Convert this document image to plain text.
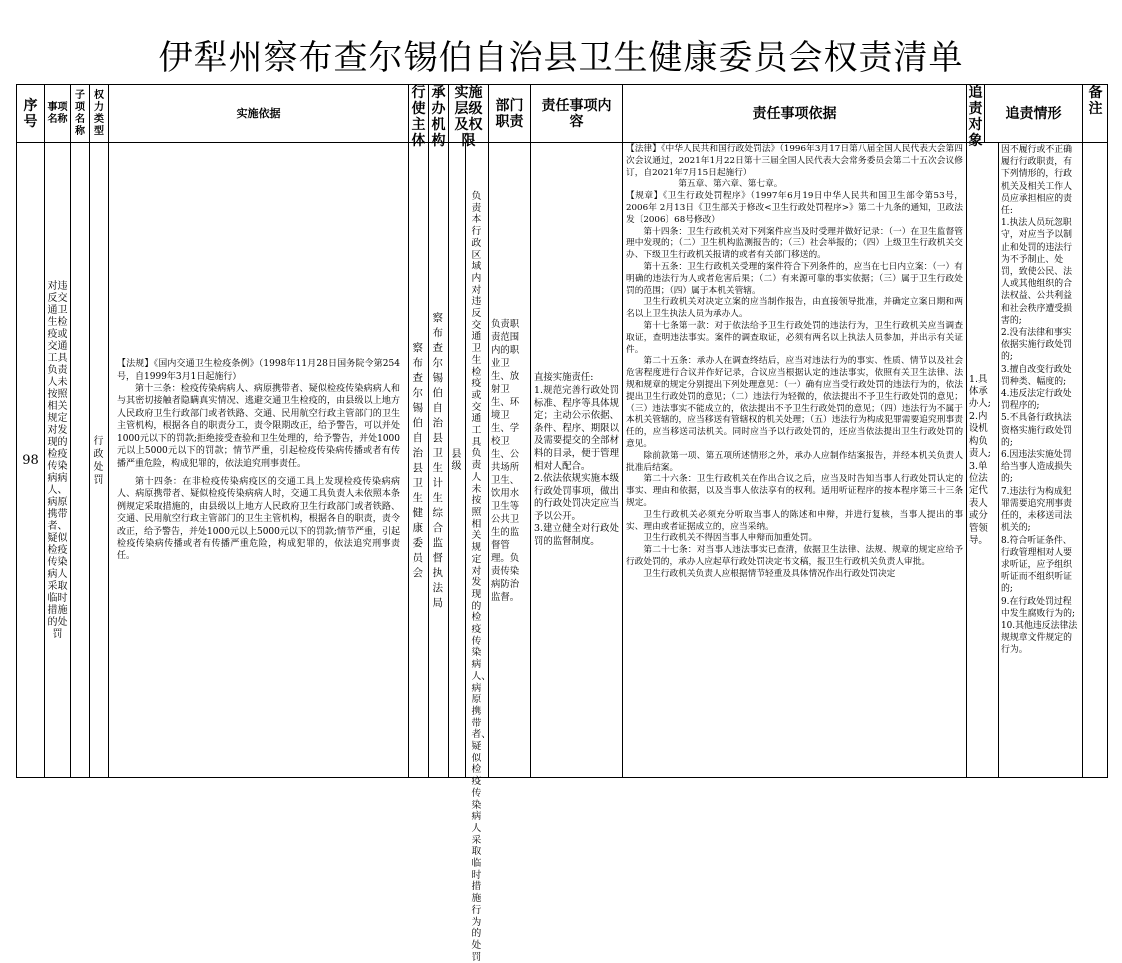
伊犁州察布查尔锡伯自治县卫生健康委员会权责清单
序号
事项名称
子项名称
权力类型
实施依据
行使主体
承办机构
实施层级及权限
部门职责
责任事项内容	责任事项依据
追责对象
追责情形
备注
98
对违反交通卫生检疫或交通工具负责人未按照相关规定对发现的检疫传染病病人、病原携带者、疑似检疫传染病人采取临时措施的处罚
行政处罚

【法规】《国内交通卫生检疫条例》（1998年11月28日国务院令第254号，自1999年3月1日起施行）

第十三条：检疫传染病病人、病原携带者、疑似检疫传染病病人和与其密切接触者隐瞒真实情况、逃避交通卫生检疫的，由县级以上地方人民政府卫生行政部门或者铁路、交通、民用航空行政主管部门的卫生主管机构，根据各自的职责分工，责令限期改正，给予警告，可以并处1000元以下的罚款;拒绝接受查验和卫生处理的，给予警告，并处1000元以上5000元以下的罚款；情节严重，引起检疫传染病传播或者有传播严重危险，构成犯罪的，依法追究刑事责任。

第十四条：在非检疫传染病疫区的交通工具上发现检疫传染病病人、病原携带者、疑似检疫传染病病人时，交通工具负责人未依照本条例规定采取措施的，由县级以上地方人民政府卫生行政部门或者铁路、交通、民用航空行政主管部门的卫生主管机构，根据各自的职责，责令改正，给予警告，并处1000元以上5000元以下的罚款;情节严重，引起检疫传染病传播或者有传播严重危险，构成犯罪的，依法追究刑事责任。

察布查尔锡伯自治县卫生健康委员会
察布查尔锡伯自治县卫生计生综合监督执法局
县级
负责本行政区域内对违反交通卫生检疫或交通工具负责人未按照相关规定对发现的检疫传染病人、病原携带者、疑似检疫传染病人采取临时措施行为的处罚
负责职责范围内的职业卫生、放射卫生、环境卫生、学校卫生、公共场所卫生、饮用水卫生等公共卫生的监督管理。负责传染病防治监督。

直接实施责任:

1.规范完善行政处罚标准、程序等具体规定；主动公示依据、条件、程序、期限以及需要提交的全部材料的目录，便于管理相对人配合。

2.依法依规实施本级行政处罚事项，做出的行政处罚决定应当予以公开。

3.建立健全对行政处罚的监督制度。

【法律】《中华人民共和国行政处罚法》（1996年3月17日第八届全国人民代表大会第四次会议通过，2021年1月22日第十三届全国人民代表大会常务委员会第二十五次会议修订，自2021年7月15日起施行）

第五章、第六章、第七章。

【规章】《卫生行政处罚程序》（1997年6月19日中华人民共和国卫生部令第53号，2006年 2月13日《卫生部关于修改<卫生行政处罚程序>》第二十九条的通知，卫政法发〔2006〕68号修改）

第十四条：卫生行政机关对下列案件应当及时受理并做好记录：（一）在卫生监督管理中发现的；（二）卫生机构监测报告的；（三）社会举报的；（四）上级卫生行政机关交办、下级卫生行政机关报请的或者有关部门移送的。

第十五条：卫生行政机关受理的案件符合下列条件的，应当在七日内立案：（一）有明确的违法行为人或者危害后果；（二）有来源可靠的事实依据；（三）属于卫生行政处罚的范围；（四）属于本机关管辖。

卫生行政机关对决定立案的应当制作报告，由直接领导批准，并确定立案日期和两名以上卫生执法人员为承办人。

第十七条第一款：对于依法给予卫生行政处罚的违法行为，卫生行政机关应当调查取证，查明违法事实。案件的调查取证，必须有两名以上执法人员参加，并出示有关证件。

第二十五条：承办人在调查终结后，应当对违法行为的事实、性质、情节以及社会危害程度进行合议并作好记录，合议应当根据认定的违法事实，依照有关卫生法律、法规和规章的规定分别提出下列处理意见：（一）确有应当受行政处罚的违法行为的，依法提出卫生行政处罚的意见；（二）违法行为轻微的，依法提出不予卫生行政处罚的意见；（三）违法事实不能成立的，依法提出不予卫生行政处罚的意见；（四）违法行为不属于本机关管辖的，应当移送有管辖权的机关处理；（五）违法行为构成犯罪需要追究刑事责任的，应当移送司法机关。同时应当予以行政处罚的，还应当依法提出卫生行政处罚的意见。

除前款第一项、第五项所述情形之外，承办人应制作结案报告，并经本机关负责人批准后结案。

第二十六条：卫生行政机关在作出合议之后，应当及时告知当事人行政处罚认定的事实、理由和依据，以及当事人依法享有的权利。适用听证程序的按本程序第三十三条规定。

卫生行政机关必须充分听取当事人的陈述和申辩，并进行复核，当事人提出的事实、理由或者证据成立的，应当采纳。

卫生行政机关不得因当事人申辩而加重处罚。

第二十七条：对当事人违法事实已查清，依据卫生法律、法规、规章的规定应给予行政处罚的，承办人应起草行政处罚决定书文稿，报卫生行政机关负责人审批。

卫生行政机关负责人应根据情节轻重及具体情况作出行政处罚决定

1.具体承办人;
2.内设机构负责人;
3.单位法定代表人或分管领导。

因不履行或不正确履行行政职责，有下列情形的，行政机关及相关工作人员应承担相应的责任:

1.执法人员玩忽职守，对应当予以制止和处罚的违法行为不予制止、处罚，致使公民、法人或其他组织的合法权益、公共利益和社会秩序遭受损害的;

2.没有法律和事实依据实施行政处罚的;

3.擅自改变行政处罚种类、幅度的;

4.违反法定行政处罚程序的;

5.不具备行政执法资格实施行政处罚的;

6.因违法实施处罚给当事人造成损失的;

7.违法行为构成犯罪需要追究刑事责任的，未移送司法机关的;

8.符合听证条件、行政管理相对人要求听证，应予组织听证而不组织听证的;

9.在行政处罚过程中发生腐败行为的;

10.其他违反法律法规规章文件规定的行为。
